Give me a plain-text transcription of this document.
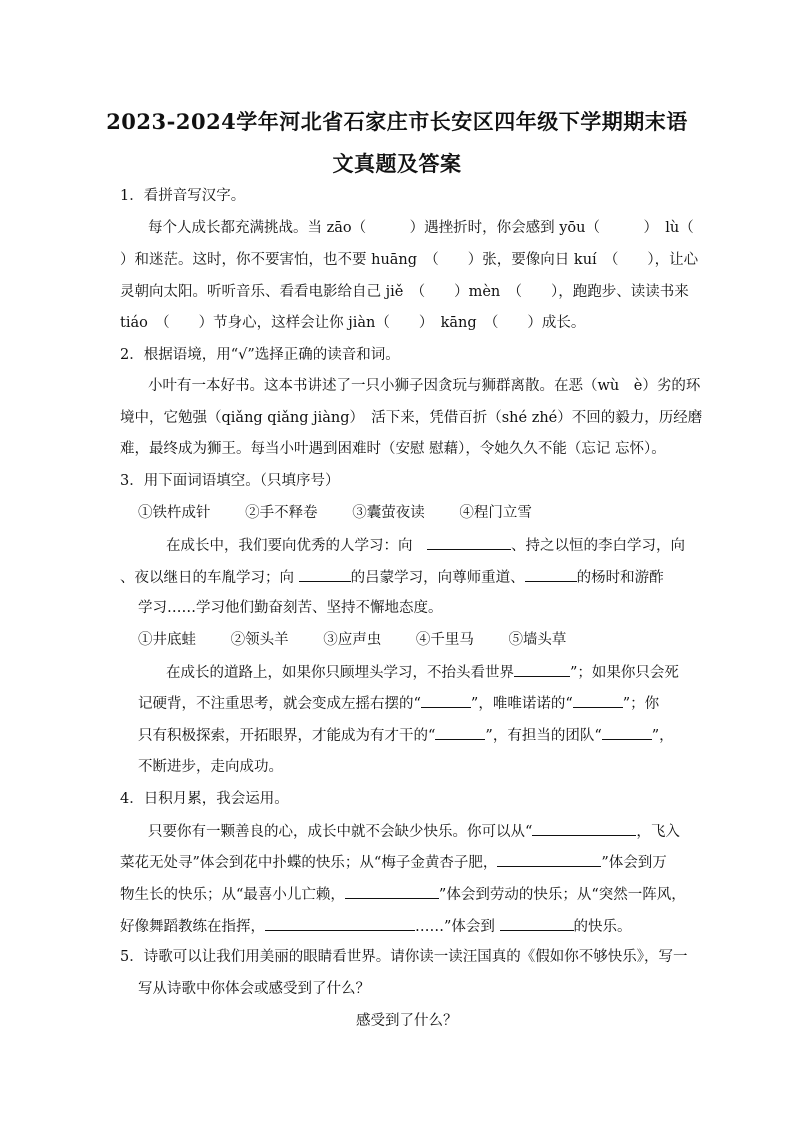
2023-2024学年河北省石家庄市长安区四年级下学期期末语
文真题及答案
1．看拼音写汉字。
每个人成长都充满挑战。当 zāo（　　　）遇挫折时，你会感到 yōu（　　　）　lù（
）和迷茫。这时，你不要害怕，也不要 huāng　（　　）张，要像向日 kuí　（　　），让心
灵朝向太阳。听听音乐、看看电影给自己 jiě　（　　）mèn　（　　），跑跑步、读读书来
tiáo　（　　）节身心，这样会让你 jiàn（　　）　kāng　（　　）成长。
2．根据语境，用“√”选择正确的读音和词。
小叶有一本好书。这本书讲述了一只小狮子因贪玩与狮群离散。在恶（wù　è）劣的环
境中，它勉强（qiǎng qiǎng jiàng）　活下来，凭借百折（shé zhé）不回的毅力，历经磨
难，最终成为狮王。每当小叶遇到困难时（安慰 慰藉），令她久久不能（忘记 忘怀）。
3．用下面词语填空。（只填序号）
①铁杵成针 ②手不释卷 ③囊萤夜读 ④程门立雪
在成长中，我们要向优秀的人学习：向　	、持之以恒的李白学习，向
、夜以继日的车胤学习；向	的吕蒙学习，向尊师重道、	的杨时和游酢
学习……学习他们勤奋刻苦、坚持不懈地态度。
①井底蛙 ②领头羊 ③应声虫 ④千里马 ⑤墙头草
在成长的道路上，如果你只顾埋头学习，不抬头看世界	”；如果你只会死
记硬背，不注重思考，就会变成左摇右摆的“	”，唯唯诺诺的“	”；你
只有积极探索，开拓眼界，才能成为有才干的“	”，有担当的团队“	”，
不断进步，走向成功。
4．日积月累，我会运用。
只要你有一颗善良的心，成长中就不会缺少快乐。你可以从“	，飞入
菜花无处寻”体会到花中扑蝶的快乐；从“梅子金黄杏子肥，	”体会到万
物生长的快乐；从“最喜小儿亡赖，	”体会到劳动的快乐；从“突然一阵风，
好像舞蹈教练在指挥，	……”体会到	的快乐。
5．诗歌可以让我们用美丽的眼睛看世界。请你读一读汪国真的《假如你不够快乐》，写一
写从诗歌中你体会或感受到了什么？
感受到了什么？
